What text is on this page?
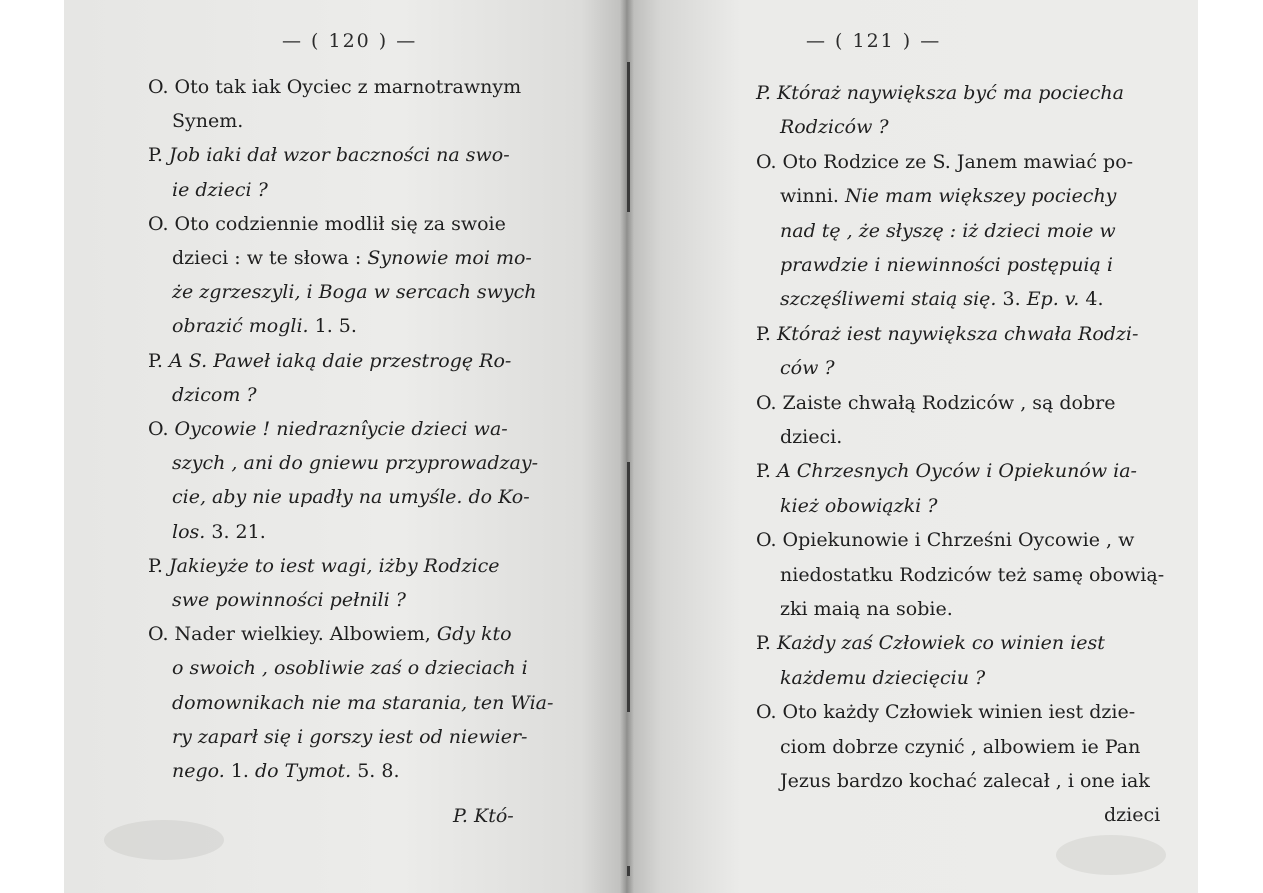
— ( 120 ) —
O. Oto tak iak Oyciec z marnotrawnym
Synem.
P. Job iaki dał wzor baczności na swo-
ie dzieci ?
O. Oto codziennie modlił się za swoie
dzieci : w te słowa : Synowie moi mo-
że zgrzeszyli, i Boga w sercach swych
obrazić mogli. 1. 5.
P. A S. Paweł iaką daie przestrogę Ro-
dzicom ?
O. Oycowie ! niedraznîycie dzieci wa-
szych , ani do gniewu przyprowadzay-
cie, aby nie upadły na umyśle. do Ko-
los. 3. 21.
P. Jakieyże to iest wagi, iżby Rodzice
swe powinności pełnili ?
O. Nader wielkiey. Albowiem, Gdy kto
o swoich , osobliwie zaś o dzieciach i
domownikach nie ma starania, ten Wia-
ry zaparł się i gorszy iest od niewier-
nego. 1. do Tymot. 5. 8.
P. Któ-
— ( 121 ) —
P. Któraż naywiększa być ma pociecha
Rodziców ?
O. Oto Rodzice ze S. Janem mawiać po-
winni. Nie mam większey pociechy
nad tę , że słyszę : iż dzieci moie w
prawdzie i niewinności postępuią i
szczęśliwemi staią się. 3. Ep. v. 4.
P. Któraż iest naywiększa chwała Rodzi-
ców ?
O. Zaiste chwałą Rodziców , są dobre
dzieci.
P. A Chrzesnych Oyców i Opiekunów ia-
kież obowiązki ?
O. Opiekunowie i Chrześni Oycowie , w
niedostatku Rodziców też samę obowią-
zki maią na sobie.
P. Każdy zaś Człowiek co winien iest
każdemu dziecięciu ?
O. Oto każdy Człowiek winien iest dzie-
ciom dobrze czynić , albowiem ie Pan
Jezus bardzo kochać zalecał , i one iak
dzieci
